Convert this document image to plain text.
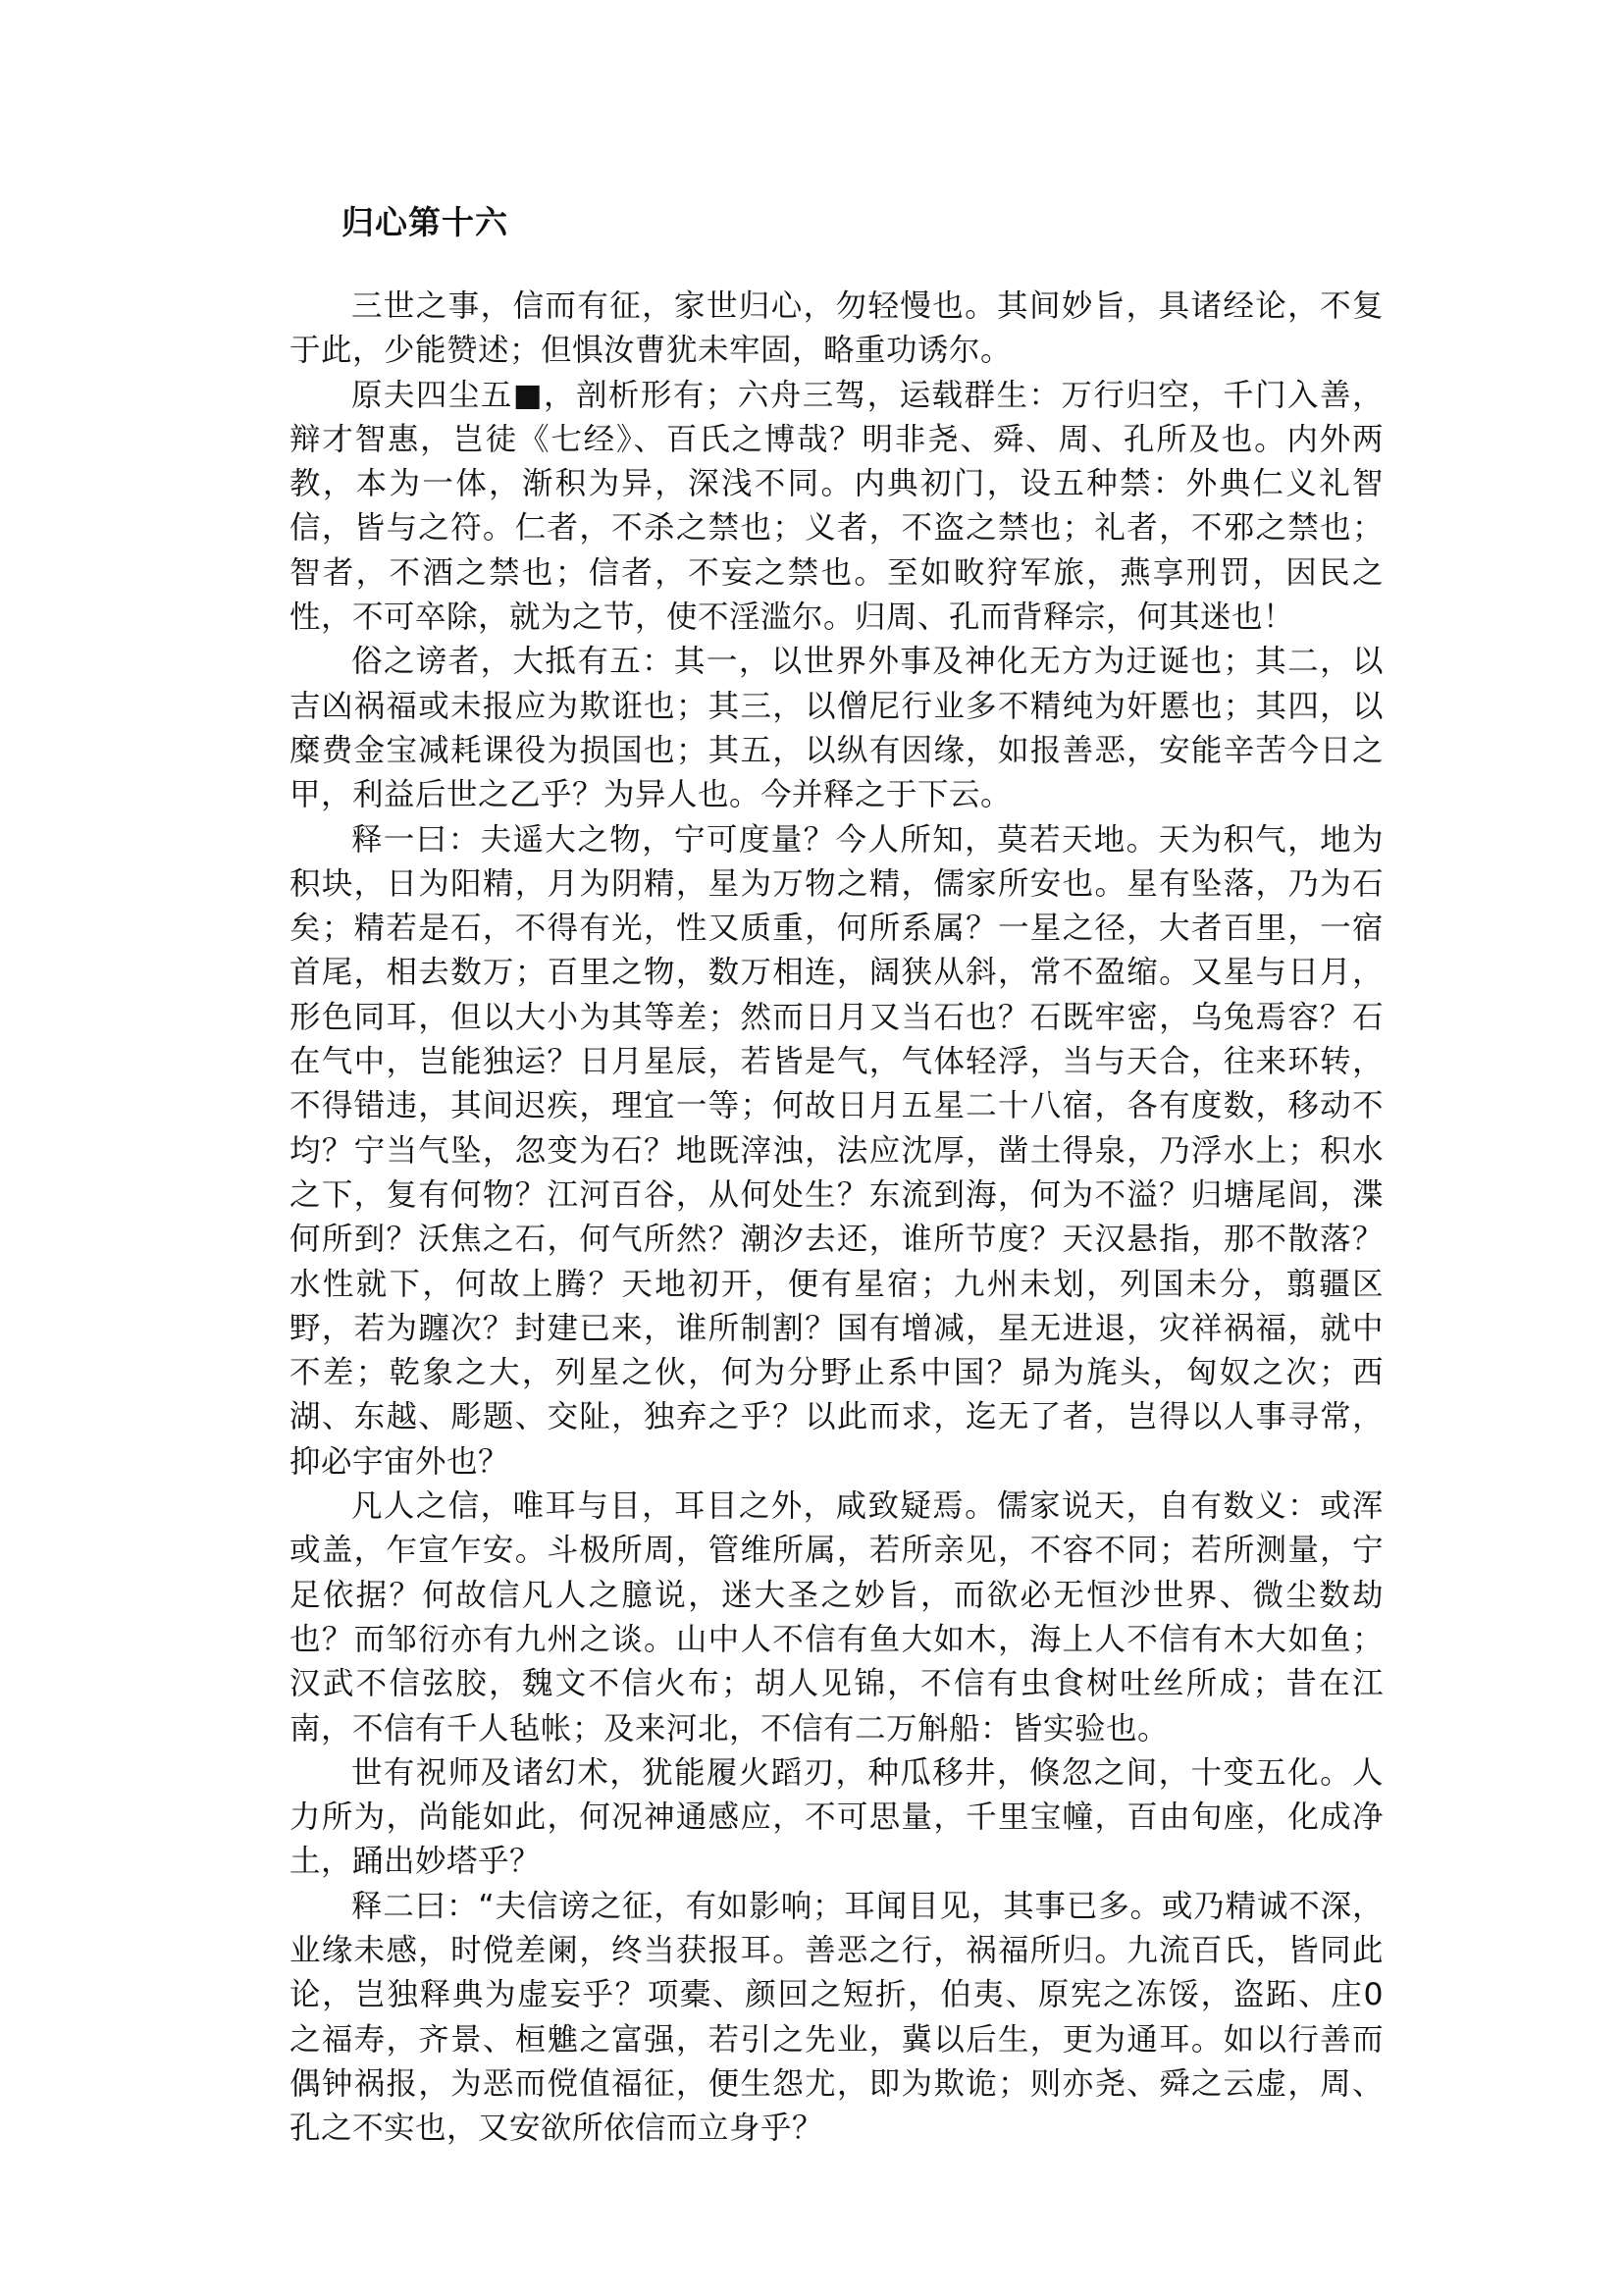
归心第十六

三世之事，信而有征，家世归心，勿轻慢也。其间妙旨，具诸经论，不复于此，少能赞述；但惧汝曹犹未牢固，略重功诱尔。

原夫四尘五■，剖析形有；六舟三驾，运载群生：万行归空，千门入善，辩才智惠，岂徒《七经》、百氏之博哉？明非尧、舜、周、孔所及也。内外两教，本为一体，渐积为异，深浅不同。内典初门，设五种禁：外典仁义礼智信，皆与之符。仁者，不杀之禁也；义者，不盗之禁也；礼者，不邪之禁也；智者，不酒之禁也；信者，不妄之禁也。至如畋狩军旅，燕享刑罚，因民之性，不可卒除，就为之节，使不淫滥尔。归周、孔而背释宗，何其迷也！

俗之谤者，大抵有五：其一，以世界外事及神化无方为迂诞也；其二，以吉凶祸福或未报应为欺诳也；其三，以僧尼行业多不精纯为奸慝也；其四，以糜费金宝减耗课役为损国也；其五，以纵有因缘，如报善恶，安能辛苦今日之甲，利益后世之乙乎？为异人也。今并释之于下云。

释一曰：夫遥大之物，宁可度量？今人所知，莫若天地。天为积气，地为积块，日为阳精，月为阴精，星为万物之精，儒家所安也。星有坠落，乃为石矣；精若是石，不得有光，性又质重，何所系属？一星之径，大者百里，一宿首尾，相去数万；百里之物，数万相连，阔狭从斜，常不盈缩。又星与日月，形色同耳，但以大小为其等差；然而日月又当石也？石既牢密，乌兔焉容？石在气中，岂能独运？日月星辰，若皆是气，气体轻浮，当与天合，往来环转，不得错违，其间迟疾，理宜一等；何故日月五星二十八宿，各有度数，移动不均？宁当气坠，忽变为石？地既滓浊，法应沈厚，凿土得泉，乃浮水上；积水之下，复有何物？江河百谷，从何处生？东流到海，何为不溢？归塘尾闾，渫何所到？沃焦之石，何气所然？潮汐去还，谁所节度？天汉悬指，那不散落？水性就下，何故上腾？天地初开，便有星宿；九州未划，列国未分，翦疆区野，若为躔次？封建已来，谁所制割？国有增减，星无进退，灾祥祸福，就中不差；乾象之大，列星之伙，何为分野止系中国？昴为旄头，匈奴之次；西湖、东越、彫题、交阯，独弃之乎？以此而求，迄无了者，岂得以人事寻常，抑必宇宙外也？

凡人之信，唯耳与目，耳目之外，咸致疑焉。儒家说天，自有数义：或浑或盖，乍宣乍安。斗极所周，管维所属，若所亲见，不容不同；若所测量，宁足依据？何故信凡人之臆说，迷大圣之妙旨，而欲必无恒沙世界、微尘数劫也？而邹衍亦有九州之谈。山中人不信有鱼大如木，海上人不信有木大如鱼；汉武不信弦胶，魏文不信火布；胡人见锦，不信有虫食树吐丝所成；昔在江南，不信有千人毡帐；及来河北，不信有二万斛船：皆实验也。

世有祝师及诸幻术，犹能履火蹈刃，种瓜移井，倏忽之间，十变五化。人力所为，尚能如此，何况神通感应，不可思量，千里宝幢，百由旬座，化成净土，踊出妙塔乎？

释二曰：“夫信谤之征，有如影响；耳闻目见，其事已多。或乃精诚不深，业缘未感，时傥差阑，终当获报耳。善恶之行，祸福所归。九流百氏，皆同此论，岂独释典为虚妄乎？项橐、颜回之短折，伯夷、原宪之冻馁，盗跖、庄0 之福寿，齐景、桓魋之富强，若引之先业，冀以后生，更为通耳。如以行善而偶钟祸报，为恶而傥值福征，便生怨尤，即为欺诡；则亦尧、舜之云虚，周、孔之不实也，又安欲所依信而立身乎？
